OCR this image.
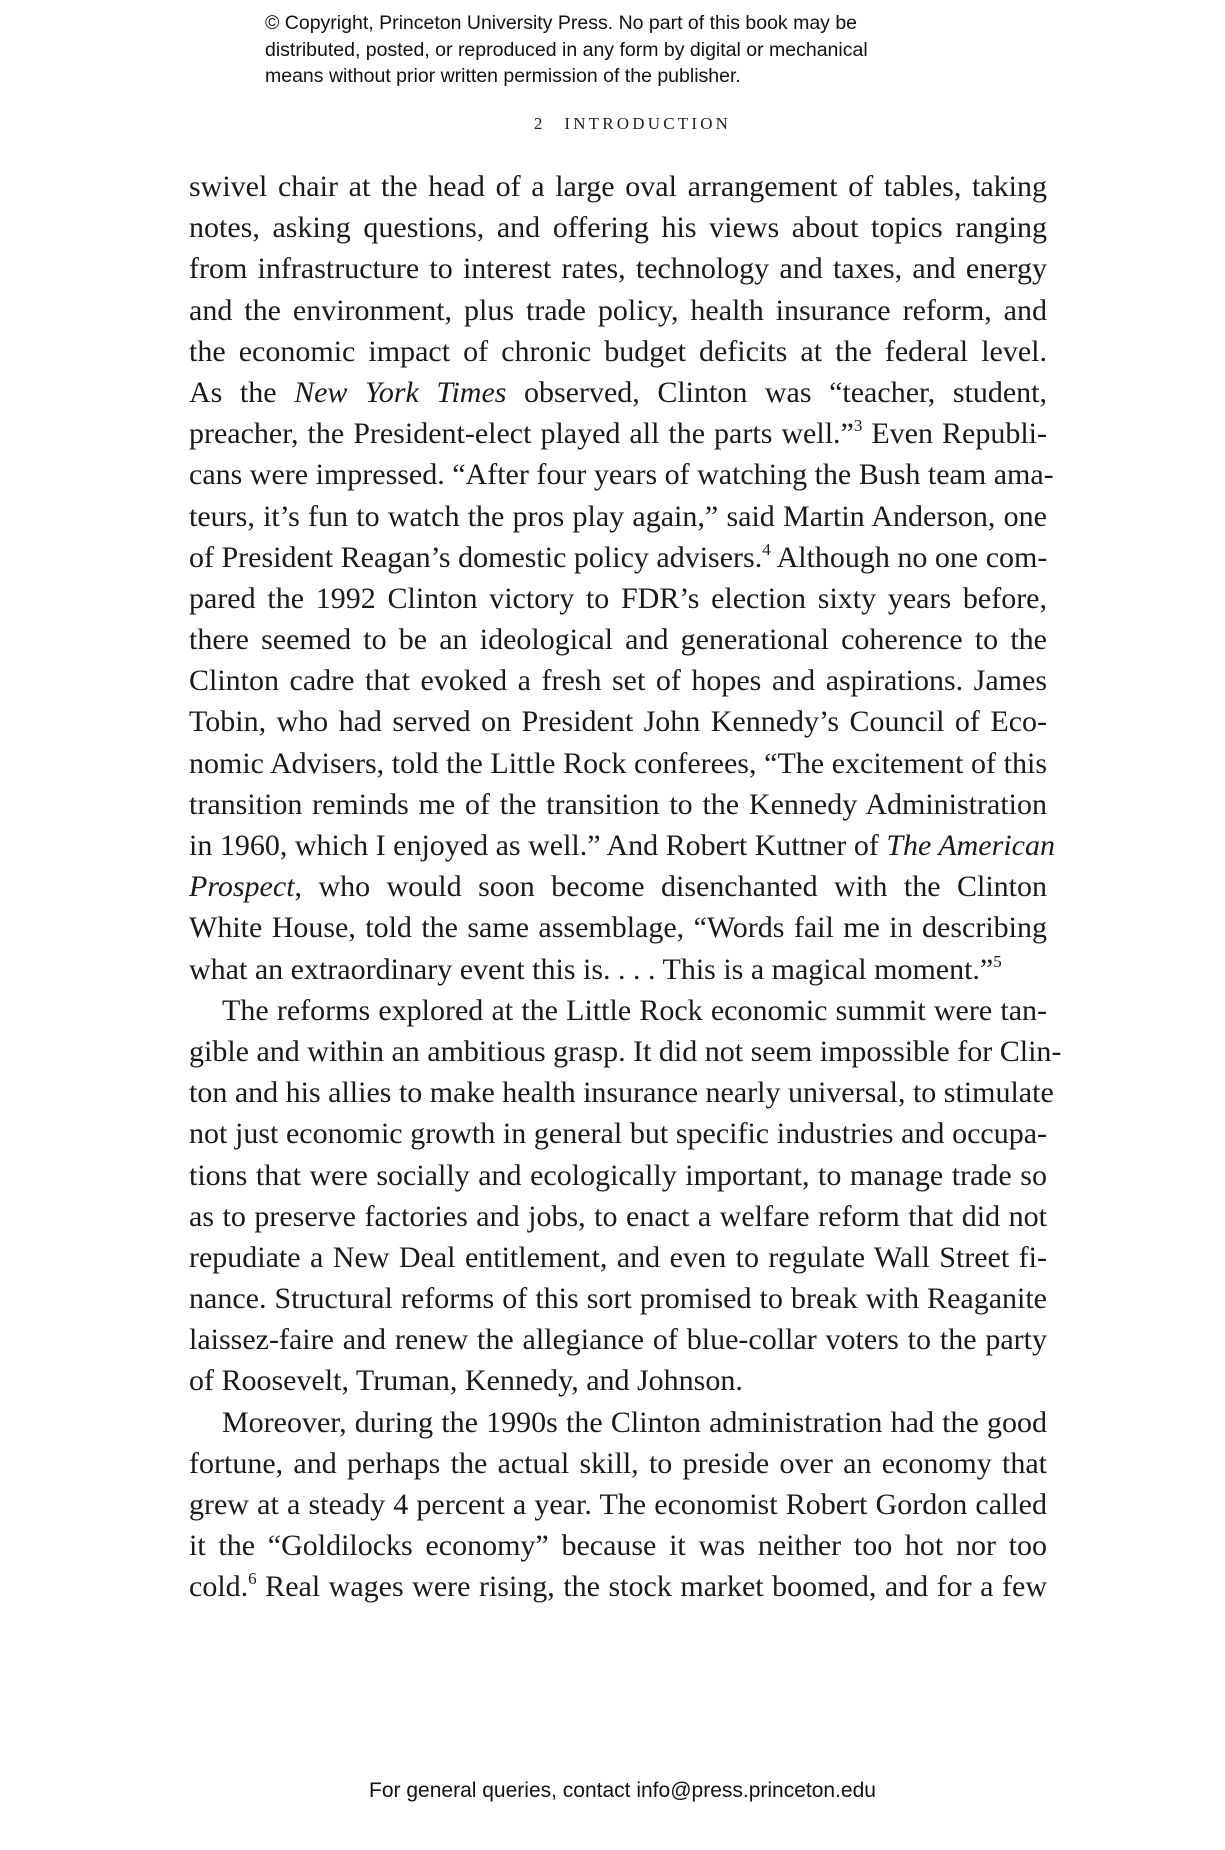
© Copyright, Princeton University Press. No part of this book may be
distributed, posted, or reproduced in any form by digital or mechanical
means without prior written permission of the publisher.
2 INTRODUCTION
swivel chair at the head of a large oval arrangement of tables, taking
notes, asking questions, and offering his views about topics ranging
from infrastructure to interest rates, technology and taxes, and energy
and the environment, plus trade policy, health insurance reform, and
the economic impact of chronic budget deficits at the federal level.
As the New York Times observed, Clinton was “teacher, student,
preacher, the President-elect played all the parts well.”$^3$ Even Republi-
cans were impressed. “After four years of watching the Bush team ama-
teurs, it’s fun to watch the pros play again,” said Martin Anderson, one
of President Reagan’s domestic policy advisers.$^4$ Although no one com-
pared the 1992 Clinton victory to FDR’s election sixty years before,
there seemed to be an ideological and generational coherence to the
Clinton cadre that evoked a fresh set of hopes and aspirations. James
Tobin, who had served on President John Kennedy’s Council of Eco-
nomic Advisers, told the Little Rock conferees, “The excitement of this
transition reminds me of the transition to the Kennedy Administration
in 1960, which I enjoyed as well.” And Robert Kuttner of The American
Prospect, who would soon become disenchanted with the Clinton
White House, told the same assemblage, “Words fail me in describing
what an extraordinary event this is. . . . This is a magical moment.”$^5$
The reforms explored at the Little Rock economic summit were tan-
gible and within an ambitious grasp. It did not seem impossible for Clin-
ton and his allies to make health insurance nearly universal, to stimulate
not just economic growth in general but specific industries and occupa-
tions that were socially and ecologically important, to manage trade so
as to preserve factories and jobs, to enact a welfare reform that did not
repudiate a New Deal entitlement, and even to regulate Wall Street fi-
nance. Structural reforms of this sort promised to break with Reaganite
laissez-faire and renew the allegiance of blue-collar voters to the party
of Roosevelt, Truman, Kennedy, and Johnson.
Moreover, during the 1990s the Clinton administration had the good
fortune, and perhaps the actual skill, to preside over an economy that
grew at a steady 4 percent a year. The economist Robert Gordon called
it the “Goldilocks economy” because it was neither too hot nor too
cold.$^6$ Real wages were rising, the stock market boomed, and for a few
For general queries, contact info@press.princeton.edu
